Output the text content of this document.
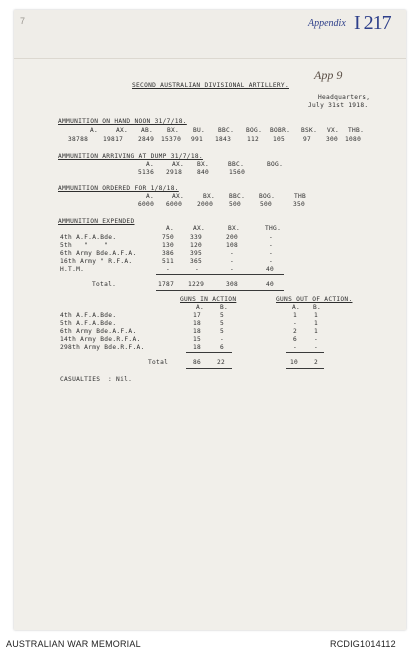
7	Appendix I 217
SECOND AUSTRALIAN DIVISIONAL ARTILLERY.
App 9
Headquarters,
July 31st 1918.
AMMUNITION ON HAND NOON 31/7/18.
A.	AX. AB. BX. BU. BBC. BOG. BOBR. BSK. VX. THB.
38788 19817 2849 15370 991 1843	112 105	97 300 1080
AMMUNITION ARRIVING AT DUMP 31/7/18.
A.	AX. BX.	BBC.	BOG.
5136 2918 840	1560
AMMUNITION ORDERED FOR 1/8/18.
A.	AX.	BX. BBC. BOG.	THB
6000 6000 2000	500	500	350
AMMUNITION EXPENDED
A.	AX.	BX.	THG.
4th A.F.A.Bde.	750	339	200	-
5th   "    "	130	120	108	-
6th Army Bde.A.F.A.	386	395	-	-
16th Army " R.F.A.	511	365	-	-
H.T.M.	-	-	-	40
Total.	1787 1229	308	40
GUNS IN ACTION	GUNS OUT OF ACTION.
A.	B.	A. B.
4th A.F.A.Bde.	17	5	1	1
5th A.F.A.Bde.	18	5	-	1
6th Army Bde.A.F.A.	18	5	2	1
14th Army Bde.R.F.A.	15	-	6	-
298th Army Bde.R.F.A.	18	6	-	-
Total	86	22	10	2
CASUALTIES : Nil.
AUSTRALIAN WAR MEMORIAL	RCDIG1014112
